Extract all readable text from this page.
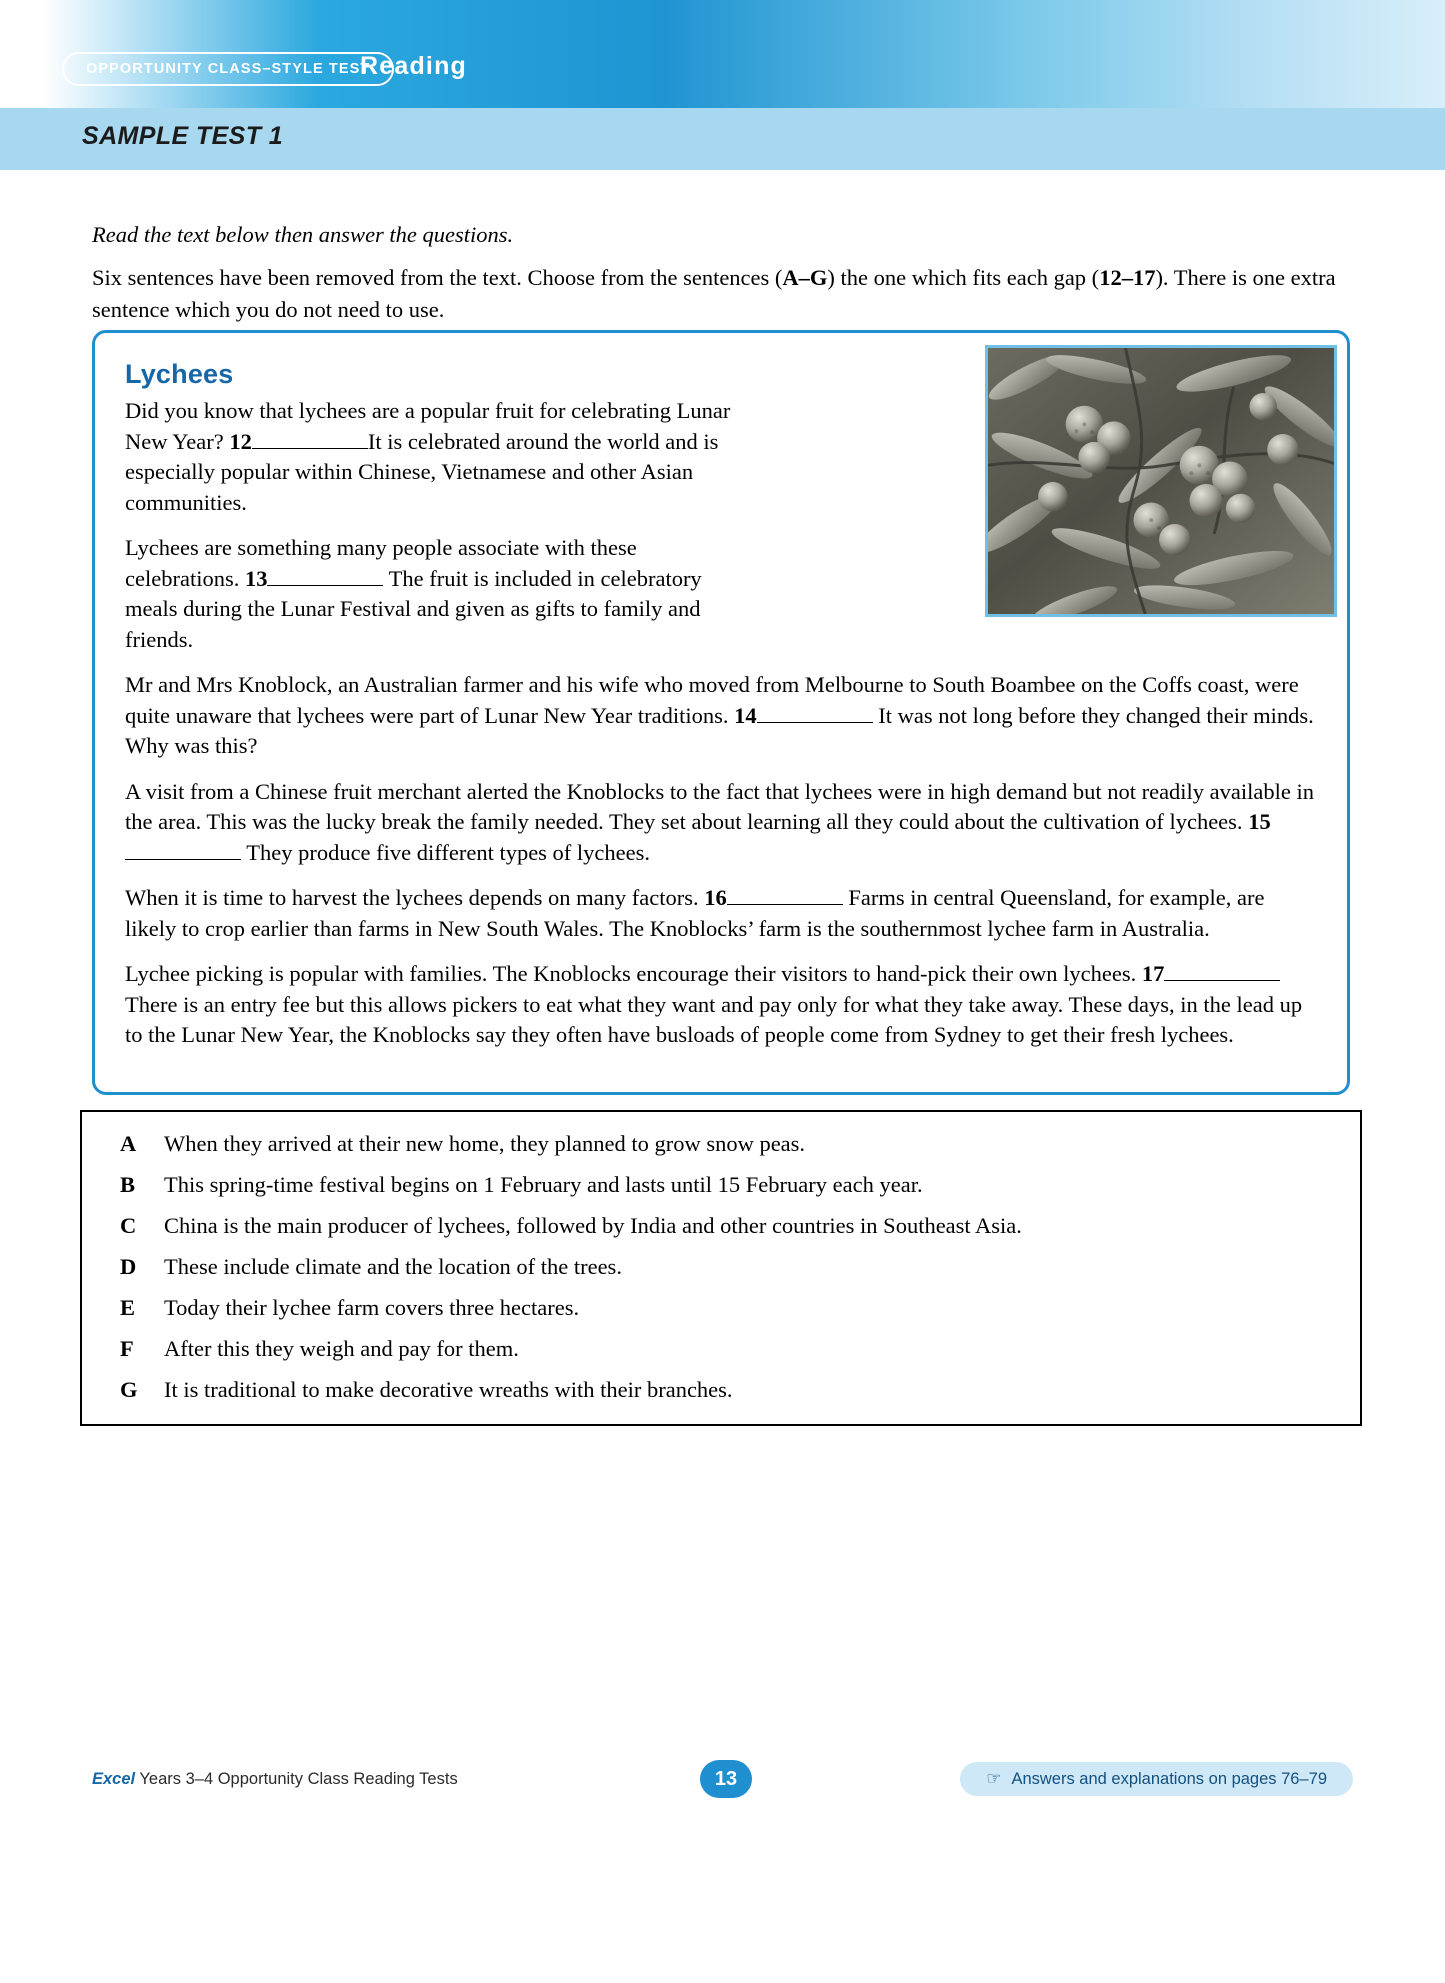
OPPORTUNITY CLASS–STYLE TEST
Reading
SAMPLE TEST 1
Read the text below then answer the questions.
Six sentences have been removed from the text. Choose from the sentences (A–G) the one which fits each gap (12–17). There is one extra sentence which you do not need to use.
Lychees

Did you know that lychees are a popular fruit for celebrating Lunar New Year? 12	It is celebrated around the world and is especially popular within Chinese, Vietnamese and other Asian communities.

Lychees are something many people associate with these celebrations. 13	The fruit is included in celebratory meals during the Lunar Festival and given as gifts to family and friends.

Mr and Mrs Knoblock, an Australian farmer and his wife who moved from Melbourne to South Boambee on the Coffs coast, were quite unaware that lychees were part of Lunar New Year traditions. 14	It was not long before they changed their minds. Why was this?

A visit from a Chinese fruit merchant alerted the Knoblocks to the fact that lychees were in high demand but not readily available in the area. This was the lucky break the family needed. They set about learning all they could about the cultivation of lychees. 15 They produce five different types of lychees.

When it is time to harvest the lychees depends on many factors. 16	Farms in central Queensland, for example, are likely to crop earlier than farms in New South Wales. The Knoblocks’ farm is the southernmost lychee farm in Australia.

Lychee picking is popular with families. The Knoblocks encourage their visitors to hand-pick their own lychees. 17 There is an entry fee but this allows pickers to eat what they want and pay only for what they take away. These days, in the lead up to the Lunar New Year, the Knoblocks say they often have busloads of people come from Sydney to get their fresh lychees.

A	When they arrived at their new home, they planned to grow snow peas.
B	This spring-time festival begins on 1 February and lasts until 15 February each year.
C	China is the main producer of lychees, followed by India and other countries in Southeast Asia.
D	These include climate and the location of the trees.
E	Today their lychee farm covers three hectares.
F	After this they weigh and pay for them.
G	It is traditional to make decorative wreaths with their branches.
Excel Years 3–4 Opportunity Class Reading Tests	13	☞ Answers and explanations on pages 76–79
